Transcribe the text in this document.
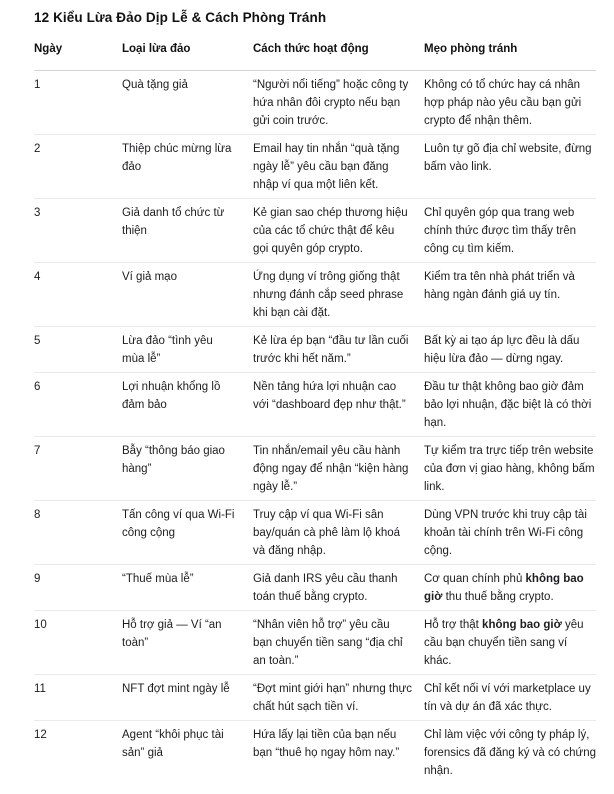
12 Kiểu Lừa Đảo Dịp Lễ & Cách Phòng Tránh
Ngày	Loại lừa đảo	Cách thức hoạt động	Mẹo phòng tránh
1	Quà tặng giả	“Người nổi tiếng” hoặc công ty hứa nhân đôi crypto nếu bạn gửi coin trước.	Không có tổ chức hay cá nhân hợp pháp nào yêu cầu bạn gửi crypto để nhận thêm.
2	Thiệp chúc mừng lừa đảo	Email hay tin nhắn “quà tặng ngày lễ” yêu cầu bạn đăng nhập ví qua một liên kết.	Luôn tự gõ địa chỉ website, đừng bấm vào link.
3	Giả danh tổ chức từ thiện	Kẻ gian sao chép thương hiệu của các tổ chức thật để kêu gọi quyên góp crypto.	Chỉ quyên góp qua trang web chính thức được tìm thấy trên công cụ tìm kiếm.
4	Ví giả mạo	Ứng dụng ví trông giống thật nhưng đánh cắp seed phrase khi bạn cài đặt.	Kiểm tra tên nhà phát triển và hàng ngàn đánh giá uy tín.
5	Lừa đảo “tình yêu mùa lễ”	Kẻ lừa ép bạn “đầu tư lần cuối trước khi hết năm.”	Bất kỳ ai tạo áp lực đều là dấu hiệu lừa đảo — dừng ngay.
6	Lợi nhuận khổng lồ đảm bảo	Nền tảng hứa lợi nhuận cao với “dashboard đẹp như thật.”	Đầu tư thật không bao giờ đảm bảo lợi nhuận, đặc biệt là có thời hạn.
7	Bẫy “thông báo giao hàng”	Tin nhắn/email yêu cầu hành động ngay để nhận “kiện hàng ngày lễ.”	Tự kiểm tra trực tiếp trên website của đơn vị giao hàng, không bấm link.
8	Tấn công ví qua Wi-Fi công cộng	Truy cập ví qua Wi-Fi sân bay/quán cà phê làm lộ khoá và đăng nhập.	Dùng VPN trước khi truy cập tài khoản tài chính trên Wi-Fi công cộng.
9	“Thuế mùa lễ”	Giả danh IRS yêu cầu thanh toán thuế bằng crypto.	Cơ quan chính phủ không bao giờ thu thuế bằng crypto.
10	Hỗ trợ giả — Ví “an toàn”	“Nhân viên hỗ trợ” yêu cầu bạn chuyển tiền sang “địa chỉ an toàn.”	Hỗ trợ thật không bao giờ yêu cầu bạn chuyển tiền sang ví khác.
11	NFT đợt mint ngày lễ	“Đợt mint giới hạn” nhưng thực chất hút sạch tiền ví.	Chỉ kết nối ví với marketplace uy tín và dự án đã xác thực.
12	Agent “khôi phục tài sản” giả	Hứa lấy lại tiền của bạn nếu bạn “thuê họ ngay hôm nay.”	Chỉ làm việc với công ty pháp lý, forensics đã đăng ký và có chứng nhận.
